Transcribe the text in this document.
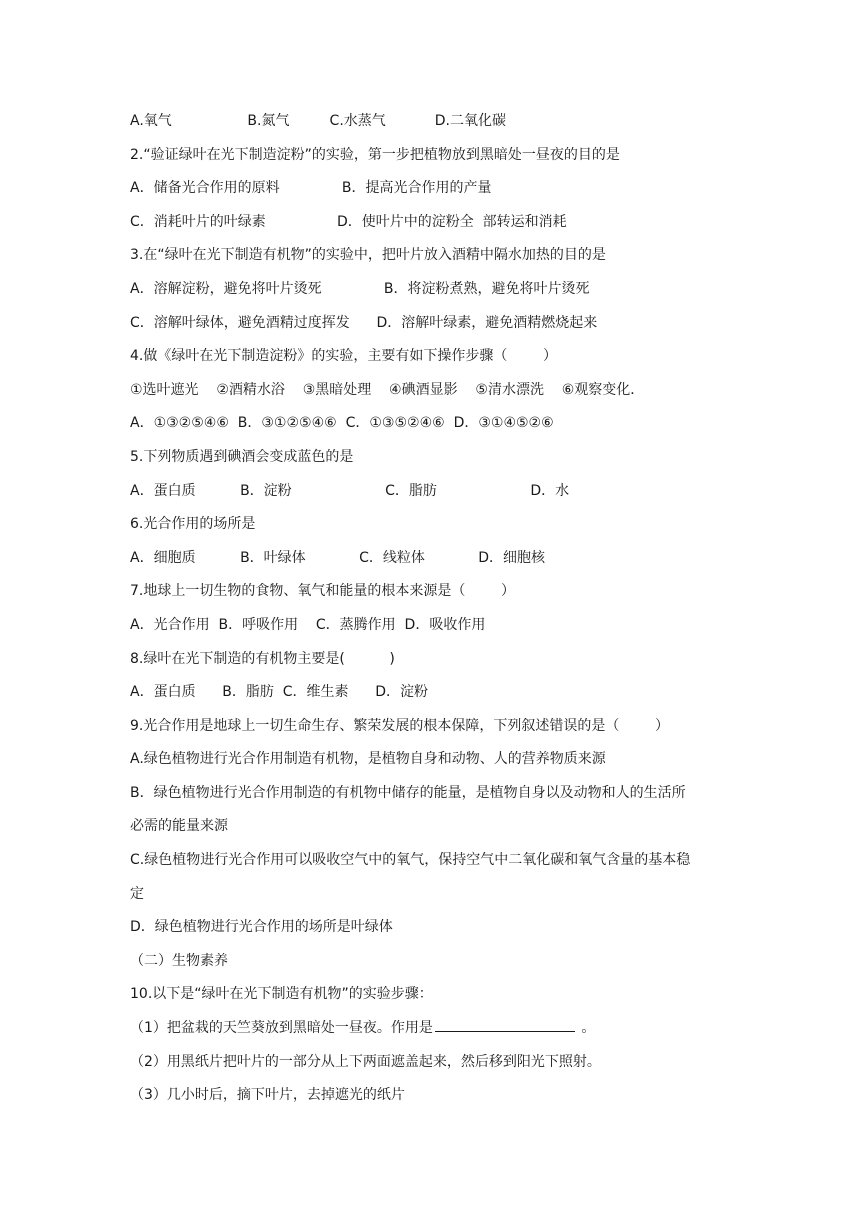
A.氧气                 B.氮气         C.水蒸气           D.二氧化碳
2.“验证绿叶在光下制造淀粉”的实验，第一步把植物放到黑暗处一昼夜的目的是
A．储备光合作用的原料              B．提高光合作用的产量
C．消耗叶片的叶绿素                D．使叶片中的淀粉全  部转运和消耗
3.在“绿叶在光下制造有机物”的实验中，把叶片放入酒精中隔水加热的目的是
A．溶解淀粉，避免将叶片烫死              B．将淀粉煮熟，避免将叶片烫死
C．溶解叶绿体，避免酒精过度挥发      D．溶解叶绿素，避免酒精燃烧起来
4.做《绿叶在光下制造淀粉》的实验，主要有如下操作步骤（        ）
①选叶遮光    ②酒精水浴    ③黑暗处理    ④碘酒显影    ⑤清水漂洗    ⑥观察变化．
A．①③②⑤④⑥  B．③①②⑤④⑥  C．①③⑤②④⑥  D．③①④⑤②⑥
5.下列物质遇到碘酒会变成蓝色的是
A．蛋白质          B．淀粉                     C．脂肪                     D．水
6.光合作用的场所是
A．细胞质          B．叶绿体            C．线粒体            D．细胞核
7.地球上一切生物的食物、氧气和能量的根本来源是（        ）
A．光合作用  B．呼吸作用    C．蒸腾作用  D．吸收作用
8.绿叶在光下制造的有机物主要是(          )
A．蛋白质      B．脂肪  C．维生素      D．淀粉
9.光合作用是地球上一切生命生存、繁荣发展的根本保障，下列叙述错误的是（        ）
A.绿色植物进行光合作用制造有机物，是植物自身和动物、人的营养物质来源
B．绿色植物进行光合作用制造的有机物中储存的能量，是植物自身以及动物和人的生活所
必需的能量来源
C.绿色植物进行光合作用可以吸收空气中的氧气，保持空气中二氧化碳和氧气含量的基本稳
定
D．绿色植物进行光合作用的场所是叶绿体
（二）生物素养
10.以下是“绿叶在光下制造有机物”的实验步骤：
（1）把盆栽的天竺葵放到黑暗处一昼夜。作用是	。
（2）用黑纸片把叶片的一部分从上下两面遮盖起来，然后移到阳光下照射。
（3）几小时后，摘下叶片，去掉遮光的纸片
